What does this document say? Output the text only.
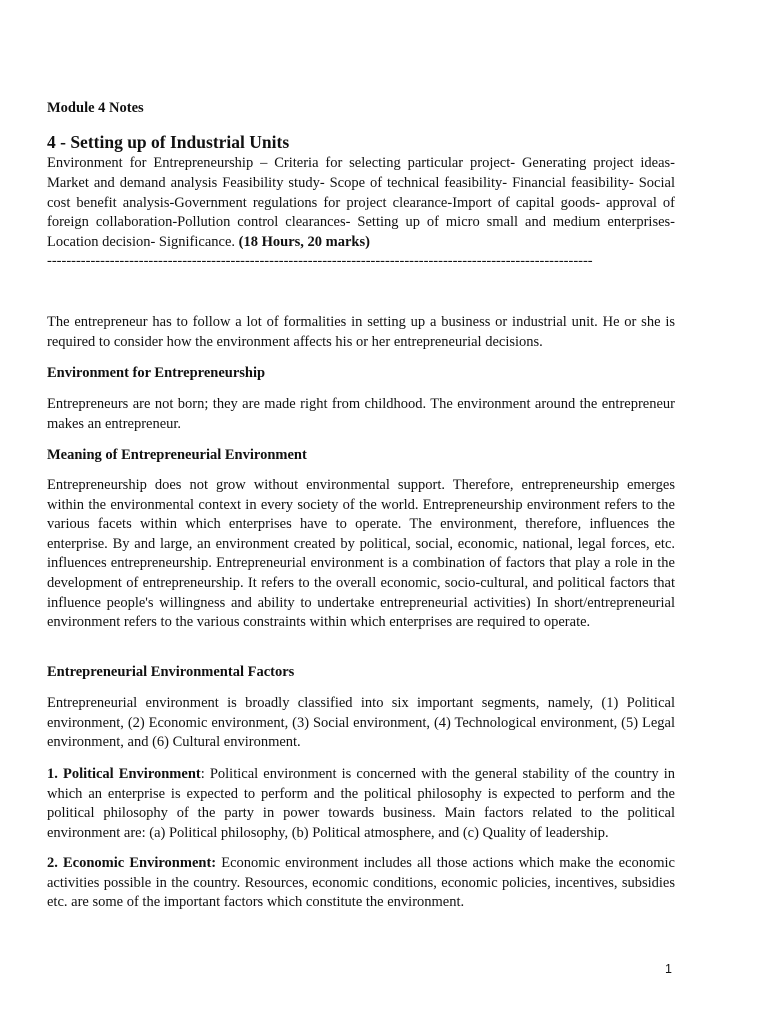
Module 4 Notes
4 - Setting up of Industrial Units
Environment for Entrepreneurship – Criteria for selecting particular project- Generating project ideas- Market and demand analysis Feasibility study- Scope of technical feasibility- Financial feasibility- Social cost benefit analysis-Government regulations for project clearance-Import of capital goods- approval of foreign collaboration-Pollution control clearances- Setting up of micro small and medium enterprises-Location decision- Significance. (18 Hours, 20 marks)
-----------------------------------------------------------------------------------------------------------------

The entrepreneur has to follow a lot of formalities in setting up a business or industrial unit. He or she is required to consider how the environment affects his or her entrepreneurial decisions.

Environment for Entrepreneurship

Entrepreneurs are not born; they are made right from childhood. The environment around the entrepreneur makes an entrepreneur.

Meaning of Entrepreneurial Environment

Entrepreneurship does not grow without environmental support. Therefore, entrepreneurship emerges within the environmental context in every society of the world. Entrepreneurship environment refers to the various facets within which enterprises have to operate. The environment, therefore, influences the enterprise. By and large, an environment created by political, social, economic, national, legal forces, etc. influences entrepreneurship. Entrepreneurial environment is a combination of factors that play a role in the development of entrepreneurship. It refers to the overall economic, socio-cultural, and political factors that influence people's willingness and ability to undertake entrepreneurial activities) In short/entrepreneurial environment refers to the various constraints within which enterprises are required to operate.

Entrepreneurial Environmental Factors

Entrepreneurial environment is broadly classified into six important segments, namely, (1) Political environment, (2) Economic environment, (3) Social environment, (4) Technological environment, (5) Legal environment, and (6) Cultural environment.

1. Political Environment: Political environment is concerned with the general stability of the country in which an enterprise is expected to perform and the political philosophy is expected to perform and the political philosophy of the party in power towards business. Main factors related to the political environment are: (a) Political philosophy, (b) Political atmosphere, and (c) Quality of leadership.

2. Economic Environment: Economic environment includes all those actions which make the economic activities possible in the country. Resources, economic conditions, economic policies, incentives, subsidies etc. are some of the important factors which constitute the environment.

1
